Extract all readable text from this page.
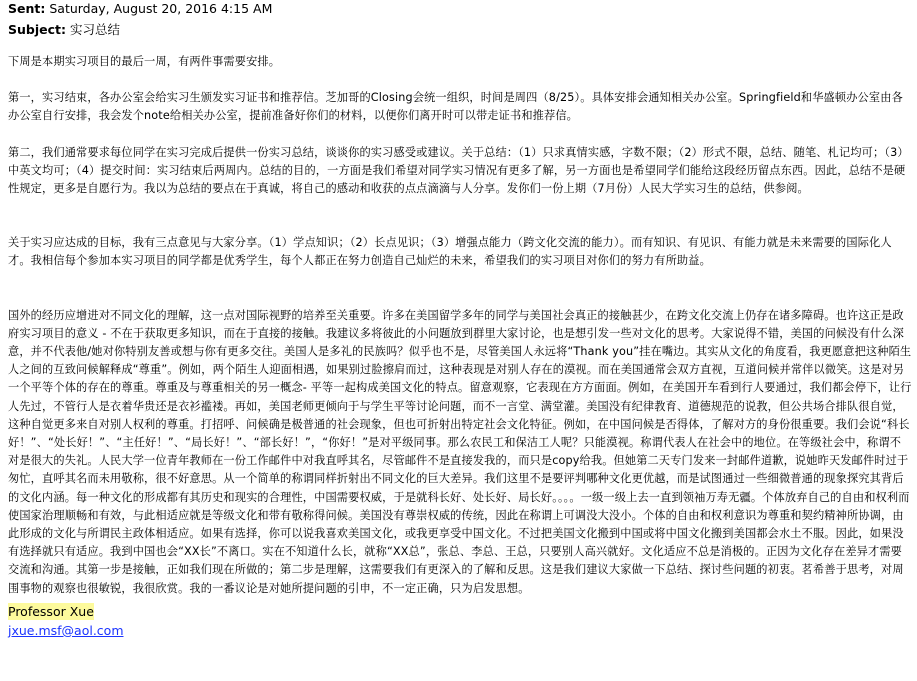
Sent: Saturday, August 20, 2016 4:15 AM
Subject: 实习总结

下周是本期实习项目的最后一周，有两件事需要安排。

第一，实习结束，各办公室会给实习生颁发实习证书和推荐信。芝加哥的Closing会统一组织，时间是周四（8/25）。具体安排会通知相关办公室。Springfield和华盛顿办公室由各办公室自行安排，我会发个note给相关办公室，提前准备好你们的材料，以便你们离开时可以带走证书和推荐信。

第二，我们通常要求每位同学在实习完成后提供一份实习总结，谈谈你的实习感受或建议。关于总结：（1）只求真情实感，字数不限；（2）形式不限，总结、随笔、札记均可；（3）中英文均可；（4）提交时间：实习结束后两周内。总结的目的，一方面是我们希望对同学实习情况有更多了解，另一方面也是希望同学们能给这段经历留点东西。因此，总结不是硬性规定，更多是自愿行为。我以为总结的要点在于真诚，将自己的感动和收获的点点滴滴与人分享。发你们一份上期（7月份）人民大学实习生的总结，供参阅。

关于实习应达成的目标，我有三点意见与大家分享。（1）学点知识；（2）长点见识；（3）增强点能力（跨文化交流的能力）。而有知识、有见识、有能力就是未来需要的国际化人才。我相信每个参加本实习项目的同学都是优秀学生，每个人都正在努力创造自己灿烂的未来，希望我们的实习项目对你们的努力有所助益。

国外的经历应增进对不同文化的理解，这一点对国际视野的培养至关重要。许多在美国留学多年的同学与美国社会真正的接触甚少，在跨文化交流上仍存在诸多障碍。也许这正是政府实习项目的意义 - 不在于获取更多知识，而在于直接的接触。我建议多将彼此的小问题放到群里大家讨论，也是想引发一些对文化的思考。大家说得不错，美国的问候没有什么深意，并不代表他/她对你特别友善或想与你有更多交往。美国人是多礼的民族吗？似乎也不是，尽管美国人永远将“Thank you”挂在嘴边。其实从文化的角度看，我更愿意把这种陌生人之间的互致问候解释成“尊重”。例如，两个陌生人迎面相遇，如果别过脸擦肩而过，这种表现是对别人存在的漠视。而在美国通常会双方直视，互道问候并常伴以微笑。这是对另一个平等个体的存在的尊重。尊重及与尊重相关的另一概念- 平等一起构成美国文化的特点。留意观察，它表现在方方面面。例如，在美国开车看到行人要通过，我们都会停下，让行人先过，不管行人是衣着华贵还是衣衫褴褛。再如，美国老师更倾向于与学生平等讨论问题，而不一言堂、满堂灌。美国没有纪律教育、道德规范的说教，但公共场合排队很自觉，这种自觉更多来自对别人权利的尊重。打招呼、问候确是极普通的社会现象，但也可折射出特定社会文化特征。例如，在中国问候是否得体，了解对方的身份很重要。我们会说“科长好！”、“处长好！”、“主任好！”、“局长好！”、“部长好！”，“你好！”是对平级同事。那么农民工和保洁工人呢？只能漠视。称谓代表人在社会中的地位。在等级社会中，称谓不对是很大的失礼。人民大学一位青年教师在一份工作邮件中对我直呼其名，尽管邮件不是直接发我的，而只是copy给我。但她第二天专门发来一封邮件道歉，说她昨天发邮件时过于匆忙，直呼其名而未用敬称，很不好意思。从一个简单的称谓同样折射出不同文化的巨大差异。我们这里不是要评判哪种文化更优越，而是试图通过一些细微普通的现象探究其背后的文化内涵。每一种文化的形成都有其历史和现实的合理性，中国需要权威，于是就科长好、处长好、局长好。。。。一级一级上去一直到领袖万寿无疆。个体放弃自己的自由和权利而使国家治理顺畅和有效，与此相适应就是等级文化和带有敬称得问候。美国没有尊崇权威的传统，因此在称谓上可调没大没小。个体的自由和权利意识为尊重和契约精神所协调，由此形成的文化与所谓民主政体相适应。如果有选择，你可以说我喜欢美国文化，或我更享受中国文化。不过把美国文化搬到中国或将中国文化搬到美国都会水土不服。因此，如果没有选择就只有适应。我到中国也会“XX长”不离口。实在不知道什么长，就称“XX总”，张总、李总、王总，只要别人高兴就好。文化适应不总是消极的。正因为文化存在差异才需要交流和沟通。其第一步是接触，正如我们现在所做的；第二步是理解，这需要我们有更深入的了解和反思。这是我们建议大家做一下总结、探讨些问题的初衷。茗希善于思考，对周围事物的观察也很敏锐，我很欣赏。我的一番议论是对她所提问题的引申，不一定正确，只为启发思想。

Professor Xue
jxue.msf@aol.com
